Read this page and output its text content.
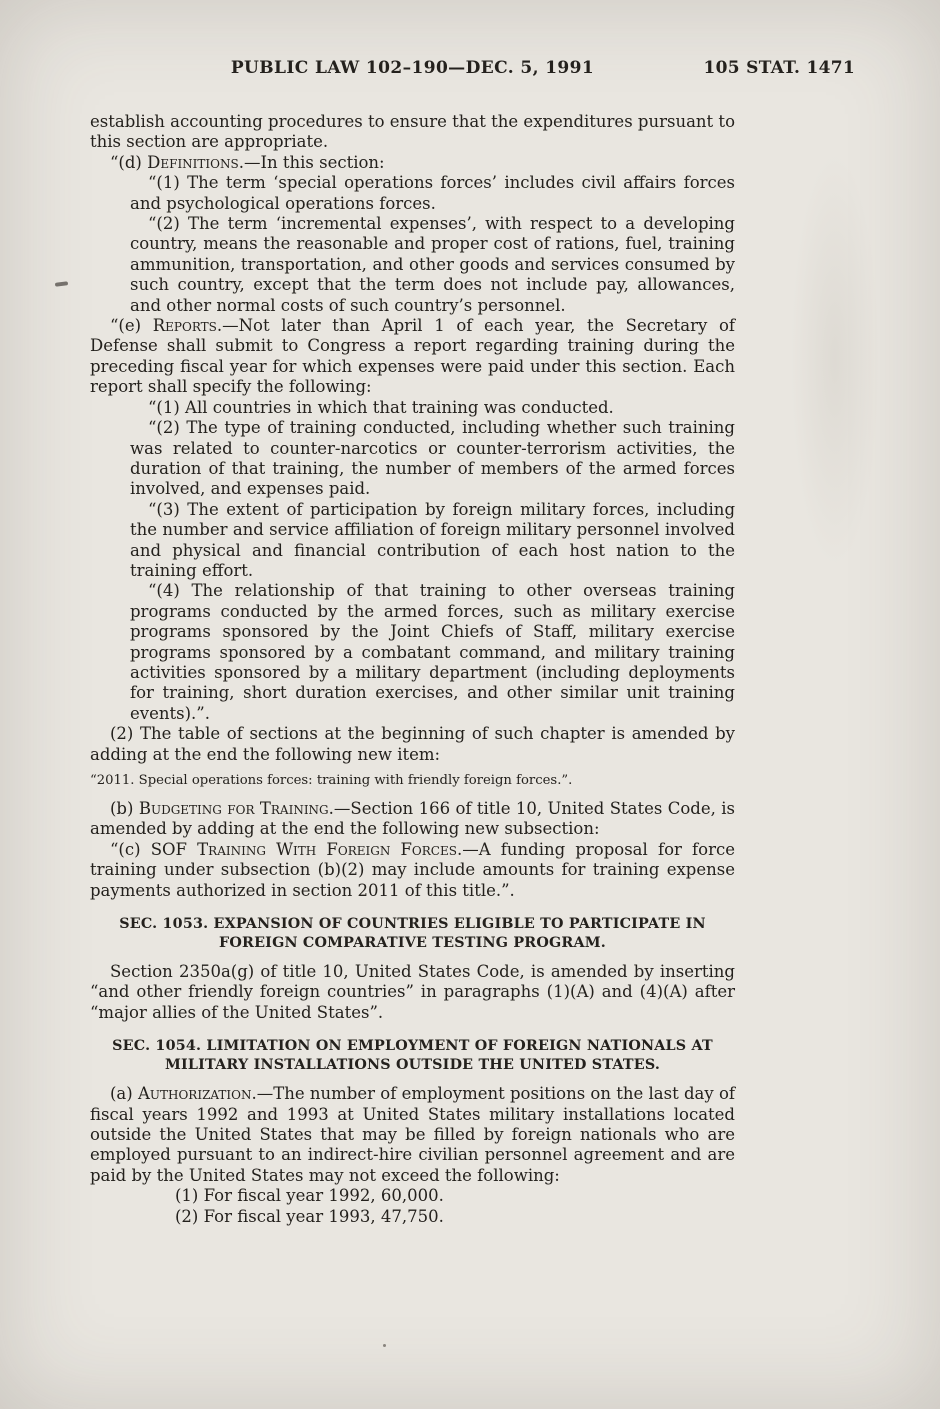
PUBLIC LAW 102–190—DEC. 5, 1991	105 STAT. 1471

establish accounting procedures to ensure that the expenditures pursuant to this section are appropriate.

“(d) Definitions.—In this section:

“(1) The term ‘special operations forces’ includes civil affairs forces and psychological operations forces.

“(2) The term ‘incremental expenses’, with respect to a developing country, means the reasonable and proper cost of rations, fuel, training ammunition, transportation, and other goods and services consumed by such country, except that the term does not include pay, allowances, and other normal costs of such country’s personnel.

“(e) Reports.—Not later than April 1 of each year, the Secretary of Defense shall submit to Congress a report regarding training during the preceding fiscal year for which expenses were paid under this section. Each report shall specify the following:

“(1) All countries in which that training was conducted.

“(2) The type of training conducted, including whether such training was related to counter-narcotics or counter-terrorism activities, the duration of that training, the number of members of the armed forces involved, and expenses paid.

“(3) The extent of participation by foreign military forces, including the number and service affiliation of foreign military personnel involved and physical and financial contribution of each host nation to the training effort.

“(4) The relationship of that training to other overseas training programs conducted by the armed forces, such as military exercise programs sponsored by the Joint Chiefs of Staff, military exercise programs sponsored by a combatant command, and military training activities sponsored by a military department (including deployments for training, short duration exercises, and other similar unit training events).”.

(2) The table of sections at the beginning of such chapter is amended by adding at the end the following new item:

“2011. Special operations forces: training with friendly foreign forces.”.

(b) Budgeting for Training.—Section 166 of title 10, United States Code, is amended by adding at the end the following new subsection:

“(c) SOF Training With Foreign Forces.—A funding proposal for force training under subsection (b)(2) may include amounts for training expense payments authorized in section 2011 of this title.”.

SEC. 1053. EXPANSION OF COUNTRIES ELIGIBLE TO PARTICIPATE IN FOREIGN COMPARATIVE TESTING PROGRAM.

Section 2350a(g) of title 10, United States Code, is amended by inserting “and other friendly foreign countries” in paragraphs (1)(A) and (4)(A) after “major allies of the United States”.

SEC. 1054. LIMITATION ON EMPLOYMENT OF FOREIGN NATIONALS AT MILITARY INSTALLATIONS OUTSIDE THE UNITED STATES.

(a) Authorization.—The number of employment positions on the last day of fiscal years 1992 and 1993 at United States military installations located outside the United States that may be filled by foreign nationals who are employed pursuant to an indirect-hire civilian personnel agreement and are paid by the United States may not exceed the following:

(1) For fiscal year 1992, 60,000.

(2) For fiscal year 1993, 47,750.
